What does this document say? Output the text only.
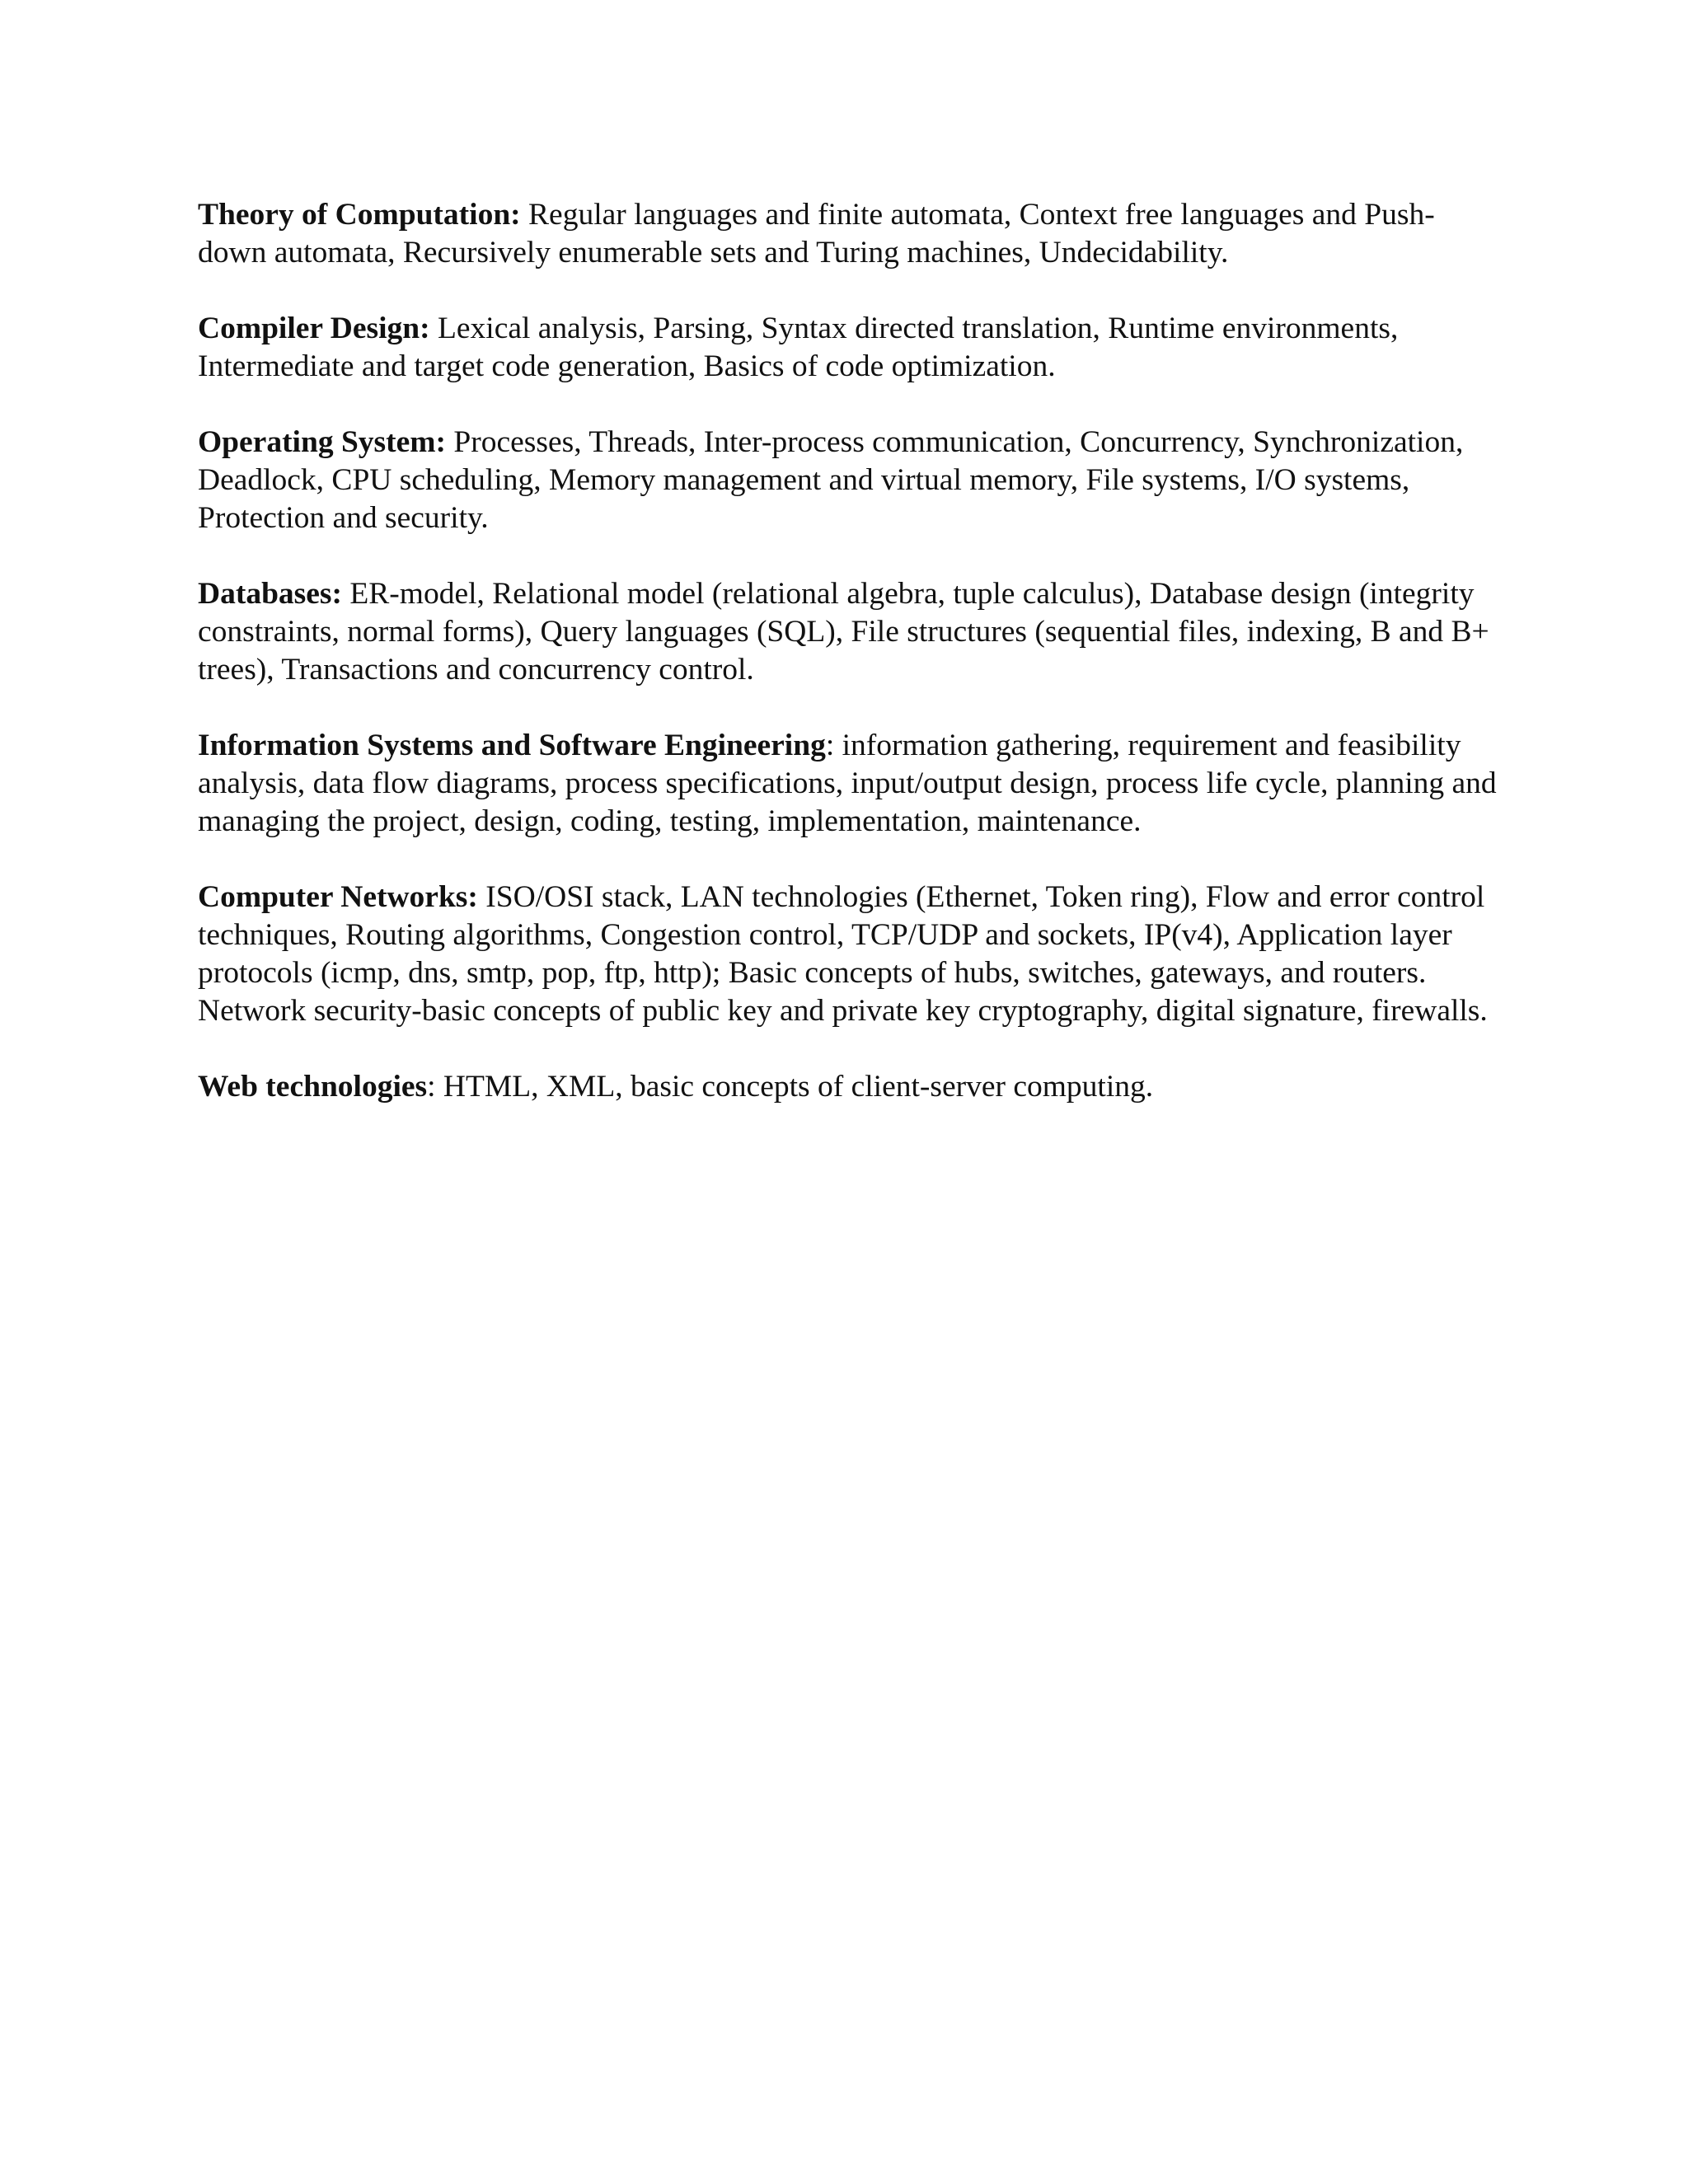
Theory of Computation: Regular languages and finite automata, Context free languages and Push-down automata, Recursively enumerable sets and Turing machines, Undecidability.

Compiler Design: Lexical analysis, Parsing, Syntax directed translation, Runtime environments, Intermediate and target code generation, Basics of code optimization.

Operating System: Processes, Threads, Inter-process communication, Concurrency, Synchronization, Deadlock, CPU scheduling, Memory management and virtual memory, File systems, I/O systems, Protection and security.

Databases: ER-model, Relational model (relational algebra, tuple calculus), Database design (integrity constraints, normal forms), Query languages (SQL), File structures (sequential files, indexing, B and B+ trees), Transactions and concurrency control.

Information Systems and Software Engineering: information gathering, requirement and feasibility analysis, data flow diagrams, process specifications, input/output design, process life cycle, planning and managing the project, design, coding, testing, implementation, maintenance.

Computer Networks: ISO/OSI stack, LAN technologies (Ethernet, Token ring), Flow and error control techniques, Routing algorithms, Congestion control, TCP/UDP and sockets, IP(v4), Application layer protocols (icmp, dns, smtp, pop, ftp, http); Basic concepts of hubs, switches, gateways, and routers. Network security-basic concepts of public key and private key cryptography, digital signature, firewalls.

Web technologies: HTML, XML, basic concepts of client-server computing.
